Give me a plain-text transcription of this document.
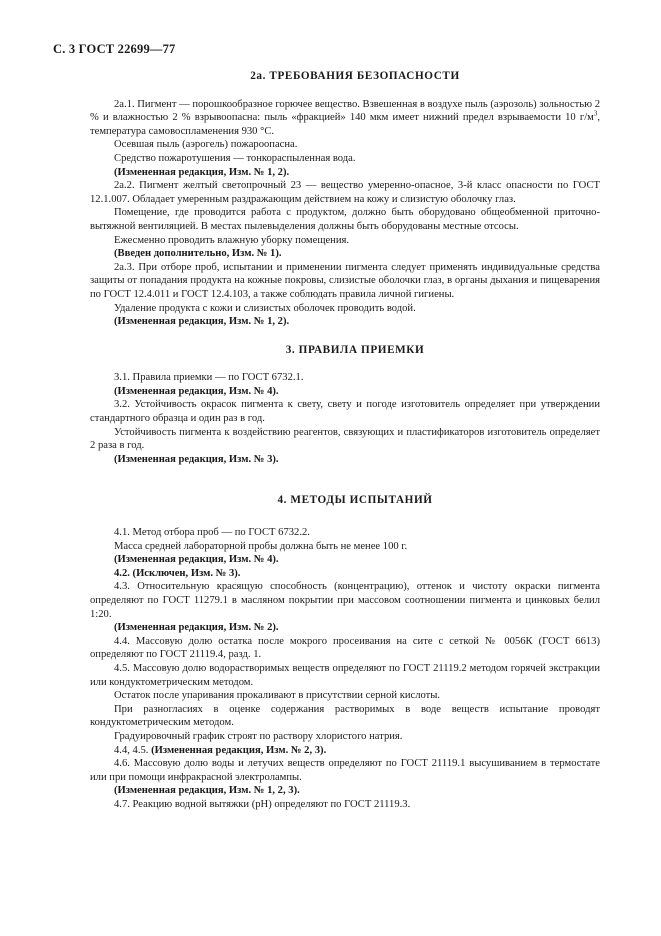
С. 3 ГОСТ 22699—77
2а. ТРЕБОВАНИЯ БЕЗОПАСНОСТИ

2а.1. Пигмент — порошкообразное горючее вещество. Взвешенная в воздухе пыль (аэрозоль) зольностью 2 % и влажностью 2 % взрывоопасна: пыль «фракцией» 140 мкм имеет нижний предел взрываемости 10 $г/м^3$, температура самовоспламенения 930 °С.

Осевшая пыль (аэрогель) пожароопасна.

Средство пожаротушения — тонкораспыленная вода.

(Измененная редакция, Изм. № 1, 2).

2а.2. Пигмент желтый светопрочный 23 — вещество умеренно-опасное, 3-й класс опасности по ГОСТ 12.1.007. Обладает умеренным раздражающим действием на кожу и слизистую оболочку глаз.

Помещение, где проводится работа с продуктом, должно быть оборудовано общеобменной приточно-вытяжной вентиляцией. В местах пылевыделения должны быть оборудованы местные отсосы.

Ежесменно проводить влажную уборку помещения.

(Введен дополнительно, Изм. № 1).

2а.3. При отборе проб, испытании и применении пигмента следует применять индивидуальные средства защиты от попадания продукта на кожные покровы, слизистые оболочки глаз, в органы дыхания и пищеварения по ГОСТ 12.4.011 и ГОСТ 12.4.103, а также соблюдать правила личной гигиены.

Удаление продукта с кожи и слизистых оболочек проводить водой.

(Измененная редакция, Изм. № 1, 2).

3. ПРАВИЛА ПРИЕМКИ

3.1. Правила приемки — по ГОСТ 6732.1.

(Измененная редакция, Изм. № 4).

3.2. Устойчивость окрасок пигмента к свету, свету и погоде изготовитель определяет при утверждении стандартного образца и один раз в год.

Устойчивость пигмента к воздействию реагентов, связующих и пластификаторов изготовитель определяет 2 раза в год.

(Измененная редакция, Изм. № 3).

4. МЕТОДЫ ИСПЫТАНИЙ

4.1. Метод отбора проб — по ГОСТ 6732.2.

Масса средней лабораторной пробы должна быть не менее 100 г.

(Измененная редакция, Изм. № 4).

4.2. (Исключен, Изм. № 3).

4.3. Относительную красящую способность (концентрацию), оттенок и чистоту окраски пигмента определяют по ГОСТ 11279.1 в масляном покрытии при массовом соотношении пигмента и цинковых белил 1:20.

(Измененная редакция, Изм. № 2).

4.4. Массовую долю остатка после мокрого просеивания на сите с сеткой № 0056К (ГОСТ 6613) определяют по ГОСТ 21119.4, разд. 1.

4.5. Массовую долю водорастворимых веществ определяют по ГОСТ 21119.2 методом горячей экстракции или кондуктометрическим методом.

Остаток после упаривания прокаливают в присутствии серной кислоты.

При разногласиях в оценке содержания растворимых в воде веществ испытание проводят кондуктометрическим методом.

Градуировочный график строят по раствору хлористого натрия.

4.4, 4.5. (Измененная редакция, Изм. № 2, 3).

4.6. Массовую долю воды и летучих веществ определяют по ГОСТ 21119.1 высушиванием в термостате или при помощи инфракрасной электролампы.

(Измененная редакция, Изм. № 1, 2, 3).

4.7. Реакцию водной вытяжки (рН) определяют по ГОСТ 21119.3.
